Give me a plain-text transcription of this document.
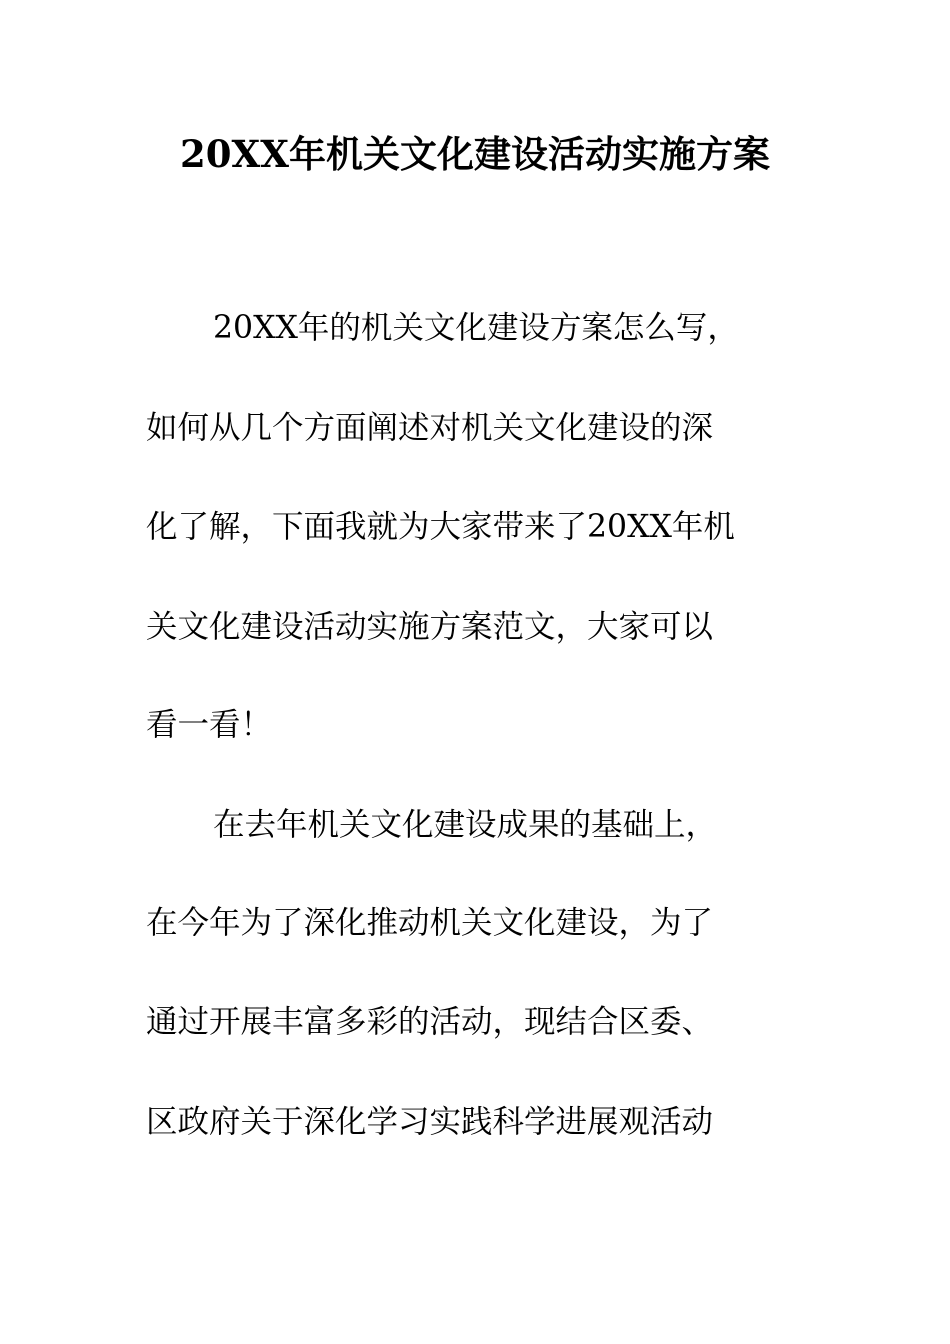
20XX年机关文化建设活动实施方案

20XX年的机关文化建设方案怎么写，

如何从几个方面阐述对机关文化建设的深

化了解，下面我就为大家带来了20XX年机

关文化建设活动实施方案范文，大家可以

看一看！

在去年机关文化建设成果的基础上，

在今年为了深化推动机关文化建设，为了

通过开展丰富多彩的活动，现结合区委、

区政府关于深化学习实践科学进展观活动
